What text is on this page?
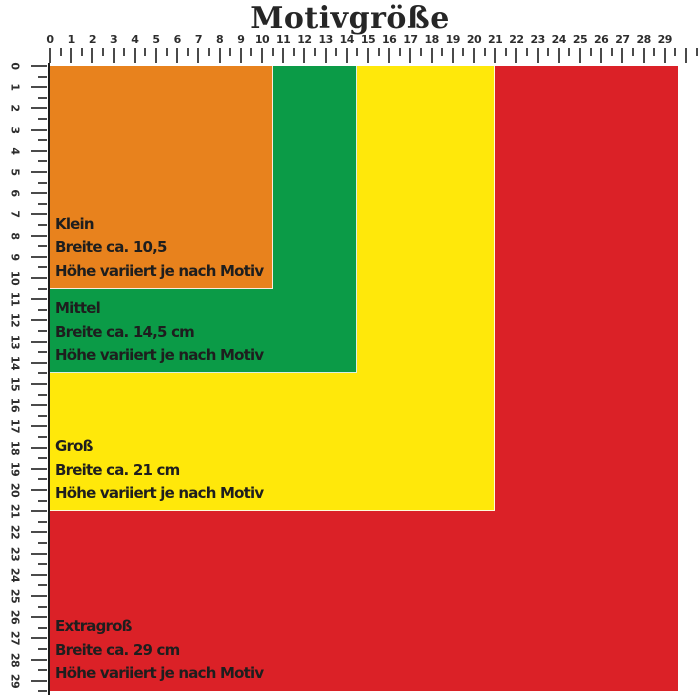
Motivgröße
0 1 2 3 4 5 6 7 8 9 10 11 12 13 14 15 16 17 18 19 20 21 22 23 24 25 26 27 28 29
0
1
2
3
4
5
6
7
8
9
10
11
12
13
14
15
16
17
18
19
20
21
22
23
24
25
26
27
28
29
Klein
Breite ca. 10,5
Höhe variiert je nach Motiv
Mittel
Breite ca. 14,5 cm
Höhe variiert je nach Motiv
Groß
Breite ca. 21 cm
Höhe variiert je nach Motiv
Extragroß
Breite ca. 29 cm
Höhe variiert je nach Motiv
